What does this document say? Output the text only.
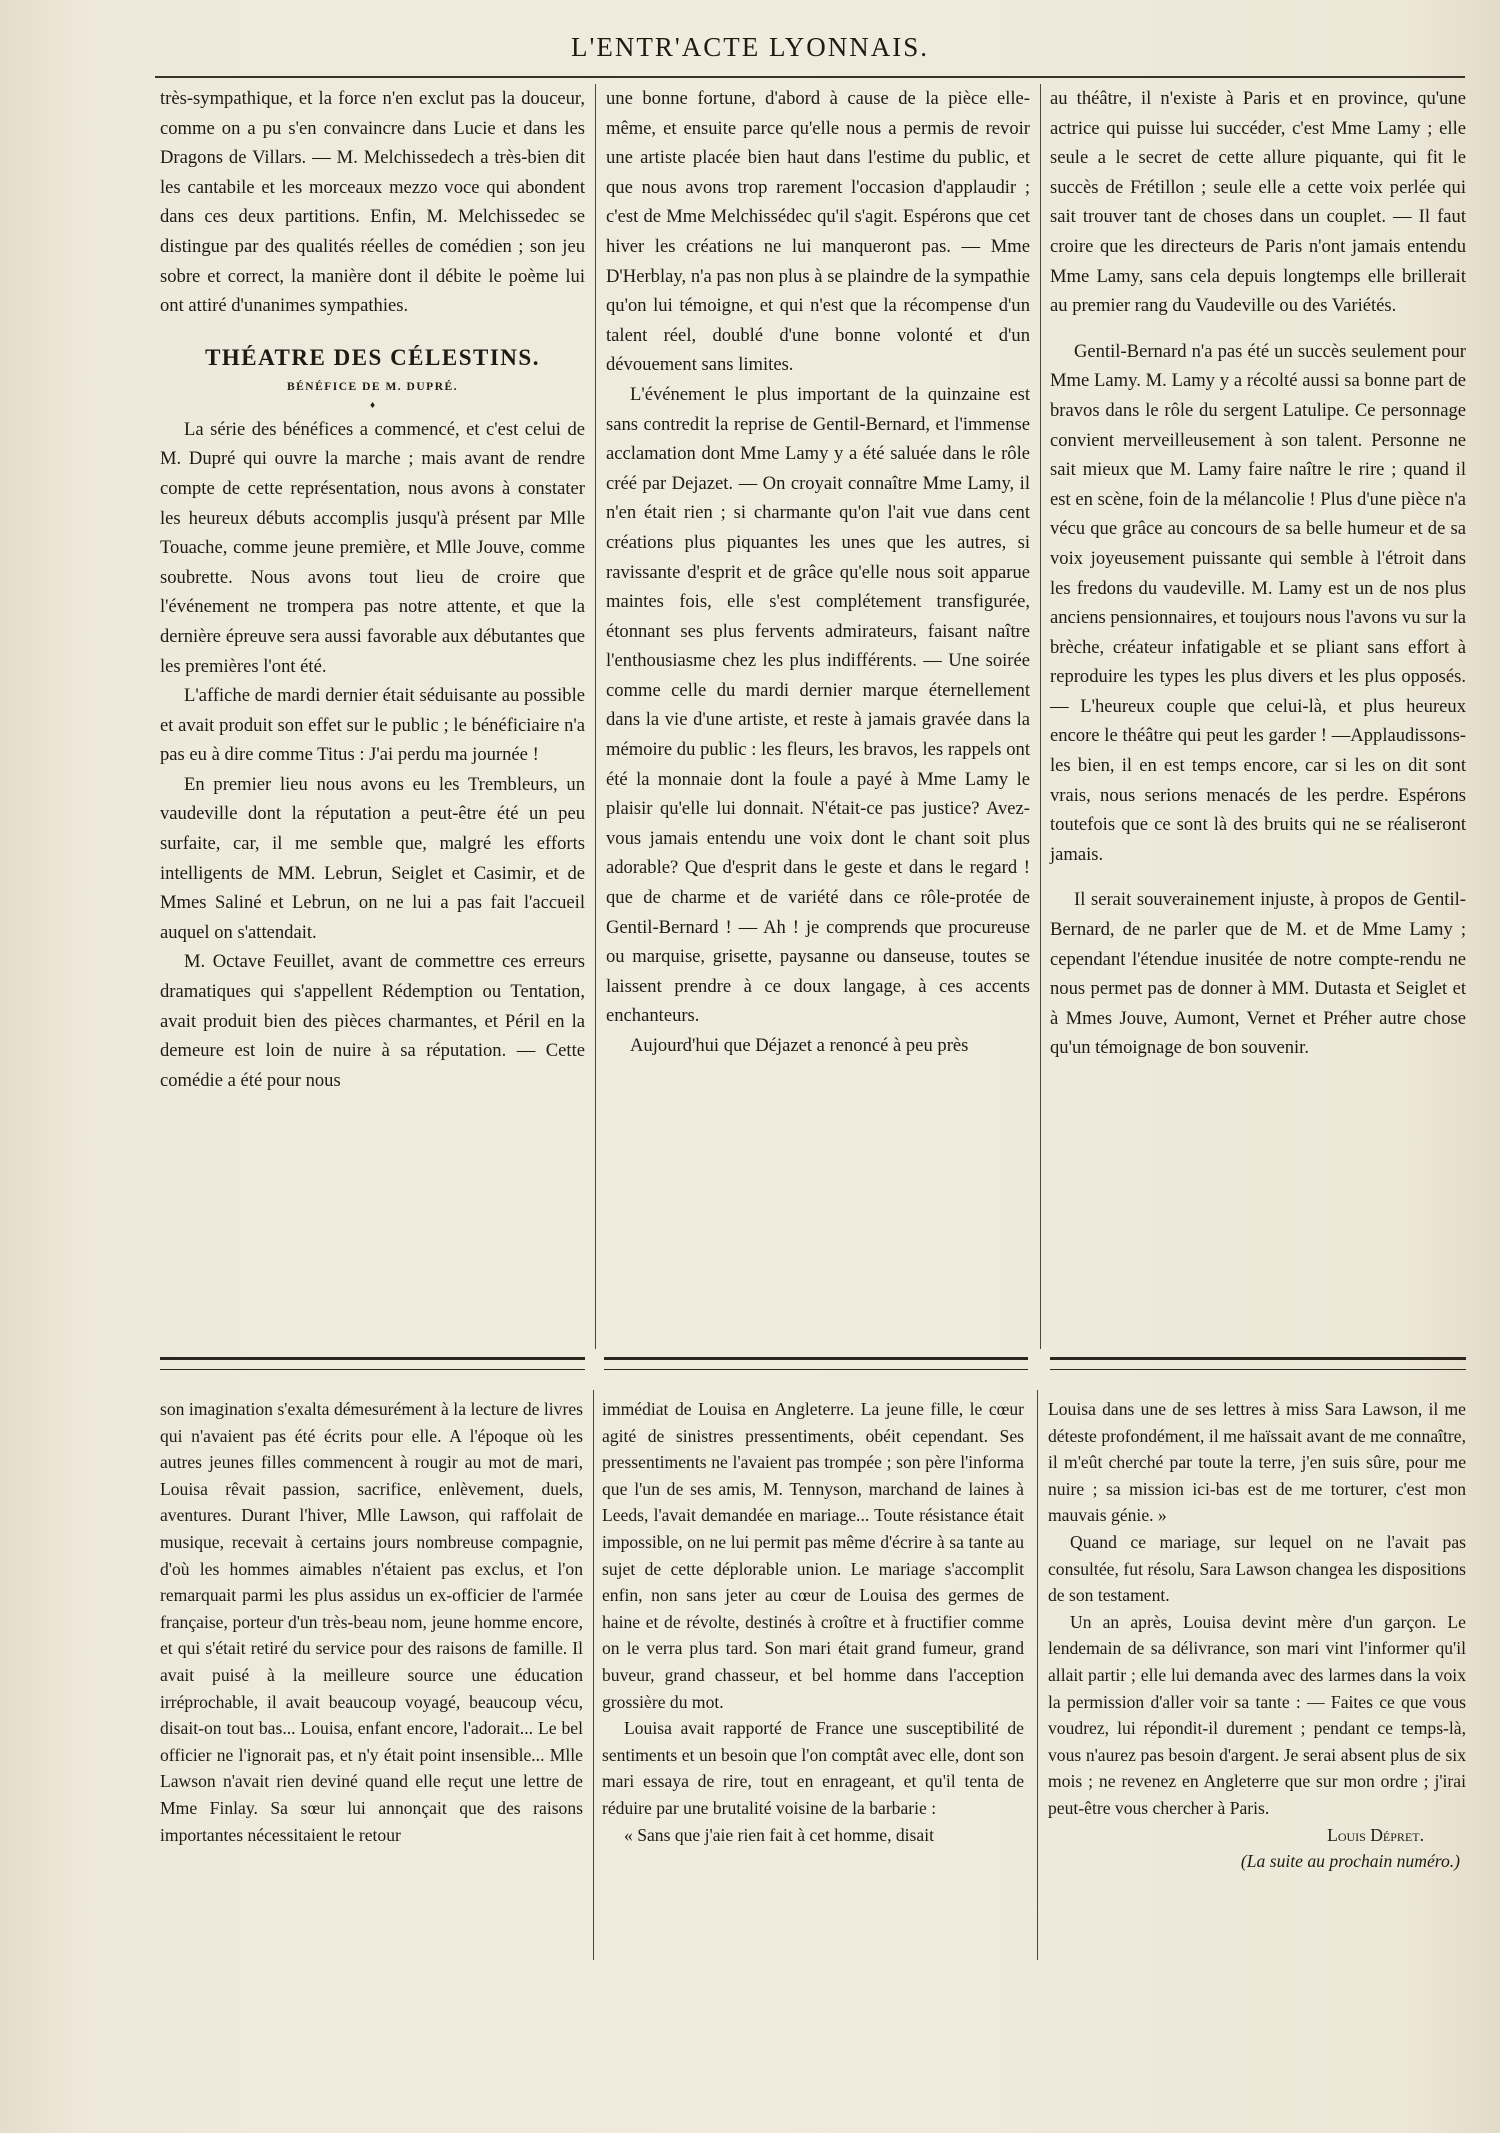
L'ENTR'ACTE LYONNAIS.

très-sympathique, et la force n'en exclut pas la douceur, comme on a pu s'en convaincre dans Lucie et dans les Dragons de Villars. — M. Melchissedech a très-bien dit les cantabile et les morceaux mezzo voce qui abondent dans ces deux partitions. Enfin, M. Melchissedec se distingue par des qualités réelles de comédien ; son jeu sobre et correct, la manière dont il débite le poème lui ont attiré d'unanimes sympathies.

THÉATRE DES CÉLESTINS.
BÉNÉFICE DE M. DUPRÉ.
♦

La série des bénéfices a commencé, et c'est celui de M. Dupré qui ouvre la marche ; mais avant de rendre compte de cette représentation, nous avons à constater les heureux débuts accomplis jusqu'à présent par Mlle Touache, comme jeune première, et Mlle Jouve, comme soubrette. Nous avons tout lieu de croire que l'événement ne trompera pas notre attente, et que la dernière épreuve sera aussi favorable aux débutantes que les premières l'ont été.

L'affiche de mardi dernier était séduisante au possible et avait produit son effet sur le public ; le bénéficiaire n'a pas eu à dire comme Titus : J'ai perdu ma journée !

En premier lieu nous avons eu les Trembleurs, un vaudeville dont la réputation a peut-être été un peu surfaite, car, il me semble que, malgré les efforts intelligents de MM. Lebrun, Seiglet et Casimir, et de Mmes Saliné et Lebrun, on ne lui a pas fait l'accueil auquel on s'attendait.

M. Octave Feuillet, avant de commettre ces erreurs dramatiques qui s'appellent Rédemption ou Tentation, avait produit bien des pièces charmantes, et Péril en la demeure est loin de nuire à sa réputation. — Cette comédie a été pour nous

une bonne fortune, d'abord à cause de la pièce elle-même, et ensuite parce qu'elle nous a permis de revoir une artiste placée bien haut dans l'estime du public, et que nous avons trop rarement l'occasion d'applaudir ; c'est de Mme Melchissédec qu'il s'agit. Espérons que cet hiver les créations ne lui manqueront pas. — Mme D'Herblay, n'a pas non plus à se plaindre de la sympathie qu'on lui témoigne, et qui n'est que la récompense d'un talent réel, doublé d'une bonne volonté et d'un dévouement sans limites.

L'événement le plus important de la quinzaine est sans contredit la reprise de Gentil-Bernard, et l'immense acclamation dont Mme Lamy y a été saluée dans le rôle créé par Dejazet. — On croyait connaître Mme Lamy, il n'en était rien ; si charmante qu'on l'ait vue dans cent créations plus piquantes les unes que les autres, si ravissante d'esprit et de grâce qu'elle nous soit apparue maintes fois, elle s'est complétement transfigurée, étonnant ses plus fervents admirateurs, faisant naître l'enthousiasme chez les plus indifférents. — Une soirée comme celle du mardi dernier marque éternellement dans la vie d'une artiste, et reste à jamais gravée dans la mémoire du public : les fleurs, les bravos, les rappels ont été la monnaie dont la foule a payé à Mme Lamy le plaisir qu'elle lui donnait. N'était-ce pas justice? Avez-vous jamais entendu une voix dont le chant soit plus adorable? Que d'esprit dans le geste et dans le regard ! que de charme et de variété dans ce rôle-protée de Gentil-Bernard ! — Ah ! je comprends que procureuse ou marquise, grisette, paysanne ou danseuse, toutes se laissent prendre à ce doux langage, à ces accents enchanteurs.

Aujourd'hui que Déjazet a renoncé à peu près

au théâtre, il n'existe à Paris et en province, qu'une actrice qui puisse lui succéder, c'est Mme Lamy ; elle seule a le secret de cette allure piquante, qui fit le succès de Frétillon ; seule elle a cette voix perlée qui sait trouver tant de choses dans un couplet. — Il faut croire que les directeurs de Paris n'ont jamais entendu Mme Lamy, sans cela depuis longtemps elle brillerait au premier rang du Vaudeville ou des Variétés.

Gentil-Bernard n'a pas été un succès seulement pour Mme Lamy. M. Lamy y a récolté aussi sa bonne part de bravos dans le rôle du sergent Latulipe. Ce personnage convient merveilleusement à son talent. Personne ne sait mieux que M. Lamy faire naître le rire ; quand il est en scène, foin de la mélancolie ! Plus d'une pièce n'a vécu que grâce au concours de sa belle humeur et de sa voix joyeusement puissante qui semble à l'étroit dans les fredons du vaudeville. M. Lamy est un de nos plus anciens pensionnaires, et toujours nous l'avons vu sur la brèche, créateur infatigable et se pliant sans effort à reproduire les types les plus divers et les plus opposés. — L'heureux couple que celui-là, et plus heureux encore le théâtre qui peut les garder ! —Applaudissons-les bien, il en est temps encore, car si les on dit sont vrais, nous serions menacés de les perdre. Espérons toutefois que ce sont là des bruits qui ne se réaliseront jamais.

Il serait souverainement injuste, à propos de Gentil-Bernard, de ne parler que de M. et de Mme Lamy ; cependant l'étendue inusitée de notre compte-rendu ne nous permet pas de donner à MM. Dutasta et Seiglet et à Mmes Jouve, Aumont, Vernet et Préher autre chose qu'un témoignage de bon souvenir.

son imagination s'exalta démesurément à la lecture de livres qui n'avaient pas été écrits pour elle. A l'époque où les autres jeunes filles commencent à rougir au mot de mari, Louisa rêvait passion, sacrifice, enlèvement, duels, aventures. Durant l'hiver, Mlle Lawson, qui raffolait de musique, recevait à certains jours nombreuse compagnie, d'où les hommes aimables n'étaient pas exclus, et l'on remarquait parmi les plus assidus un ex-officier de l'armée française, porteur d'un très-beau nom, jeune homme encore, et qui s'était retiré du service pour des raisons de famille. Il avait puisé à la meilleure source une éducation irréprochable, il avait beaucoup voyagé, beaucoup vécu, disait-on tout bas... Louisa, enfant encore, l'adorait... Le bel officier ne l'ignorait pas, et n'y était point insensible... Mlle Lawson n'avait rien deviné quand elle reçut une lettre de Mme Finlay. Sa sœur lui annonçait que des raisons importantes nécessitaient le retour

immédiat de Louisa en Angleterre. La jeune fille, le cœur agité de sinistres pressentiments, obéit cependant. Ses pressentiments ne l'avaient pas trompée ; son père l'informa que l'un de ses amis, M. Tennyson, marchand de laines à Leeds, l'avait demandée en mariage... Toute résistance était impossible, on ne lui permit pas même d'écrire à sa tante au sujet de cette déplorable union. Le mariage s'accomplit enfin, non sans jeter au cœur de Louisa des germes de haine et de révolte, destinés à croître et à fructifier comme on le verra plus tard. Son mari était grand fumeur, grand buveur, grand chasseur, et bel homme dans l'acception grossière du mot.

Louisa avait rapporté de France une susceptibilité de sentiments et un besoin que l'on comptât avec elle, dont son mari essaya de rire, tout en enrageant, et qu'il tenta de réduire par une brutalité voisine de la barbarie :

« Sans que j'aie rien fait à cet homme, disait

Louisa dans une de ses lettres à miss Sara Lawson, il me déteste profondément, il me haïssait avant de me connaître, il m'eût cherché par toute la terre, j'en suis sûre, pour me nuire ; sa mission ici-bas est de me torturer, c'est mon mauvais génie. »

Quand ce mariage, sur lequel on ne l'avait pas consultée, fut résolu, Sara Lawson changea les dispositions de son testament.

Un an après, Louisa devint mère d'un garçon. Le lendemain de sa délivrance, son mari vint l'informer qu'il allait partir ; elle lui demanda avec des larmes dans la voix la permission d'aller voir sa tante : — Faites ce que vous voudrez, lui répondit-il durement ; pendant ce temps-là, vous n'aurez pas besoin d'argent. Je serai absent plus de six mois ; ne revenez en Angleterre que sur mon ordre ; j'irai peut-être vous chercher à Paris.

Louis Dépret.
(La suite au prochain numéro.)
